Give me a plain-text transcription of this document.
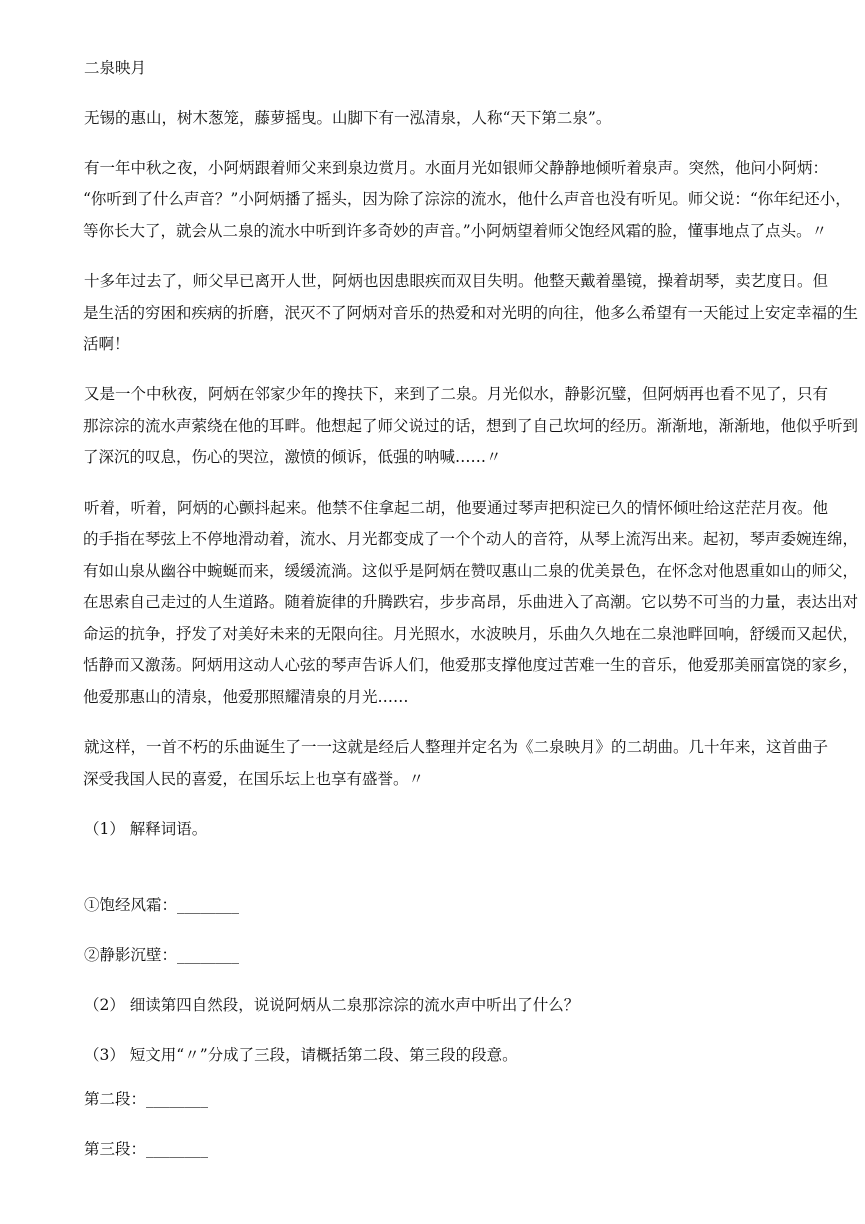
二泉映月
无锡的惠山，树木葱笼，藤萝摇曳。山脚下有一泓清泉，人称“天下第二泉”。
有一年中秋之夜，小阿炳跟着师父来到泉边赏月。水面月光如银师父静静地倾听着泉声。突然，他问小阿炳：
“你听到了什么声音？”小阿炳播了摇头，因为除了淙淙的流水，他什么声音也没有听见。师父说：“你年纪还小，
等你长大了，就会从二泉的流水中听到许多奇妙的声音。”小阿炳望着师父饱经风霜的脸，懂事地点了点头。〃
十多年过去了，师父早已离开人世，阿炳也因患眼疾而双目失明。他整天戴着墨镜，操着胡琴，卖艺度日。但
是生活的穷困和疾病的折磨，泯灭不了阿炳对音乐的热爱和对光明的向往，他多么希望有一天能过上安定幸福的生
活啊！
又是一个中秋夜，阿炳在邻家少年的搀扶下，来到了二泉。月光似水，静影沉璧，但阿炳再也看不见了，只有
那淙淙的流水声萦绕在他的耳畔。他想起了师父说过的话，想到了自己坎坷的经历。渐渐地，渐渐地，他似乎听到
了深沉的叹息，伤心的哭泣，激愤的倾诉，低强的呐喊……〃
听着，听着，阿炳的心颤抖起来。他禁不住拿起二胡，他要通过琴声把积淀已久的情怀倾吐给这茫茫月夜。他
的手指在琴弦上不停地滑动着，流水、月光都变成了一个个动人的音符，从琴上流泻出来。起初，琴声委婉连绵，
有如山泉从幽谷中蜿蜒而来，缓缓流淌。这似乎是阿炳在赞叹惠山二泉的优美景色，在怀念对他恩重如山的师父，
在思索自己走过的人生道路。随着旋律的升腾跌宕，步步高昂，乐曲进入了高潮。它以势不可当的力量，表达出对
命运的抗争，抒发了对美好未来的无限向往。月光照水，水波映月，乐曲久久地在二泉池畔回响，舒缓而又起伏，
恬静而又激荡。阿炳用这动人心弦的琴声告诉人们，他爱那支撑他度过苦难一生的音乐，他爱那美丽富饶的家乡，
他爱那惠山的清泉，他爱那照耀清泉的月光……
就这样，一首不朽的乐曲诞生了一一这就是经后人整理并定名为《二泉映月》的二胡曲。几十年来，这首曲子
深受我国人民的喜爱，在国乐坛上也享有盛誉。〃
（1） 解释词语。
①饱经风霜：________
②静影沉壁：________
（2） 细读第四自然段，说说阿炳从二泉那淙淙的流水声中听出了什么？
（3） 短文用“〃”分成了三段，请概括第二段、第三段的段意。
第二段：________
第三段：________
